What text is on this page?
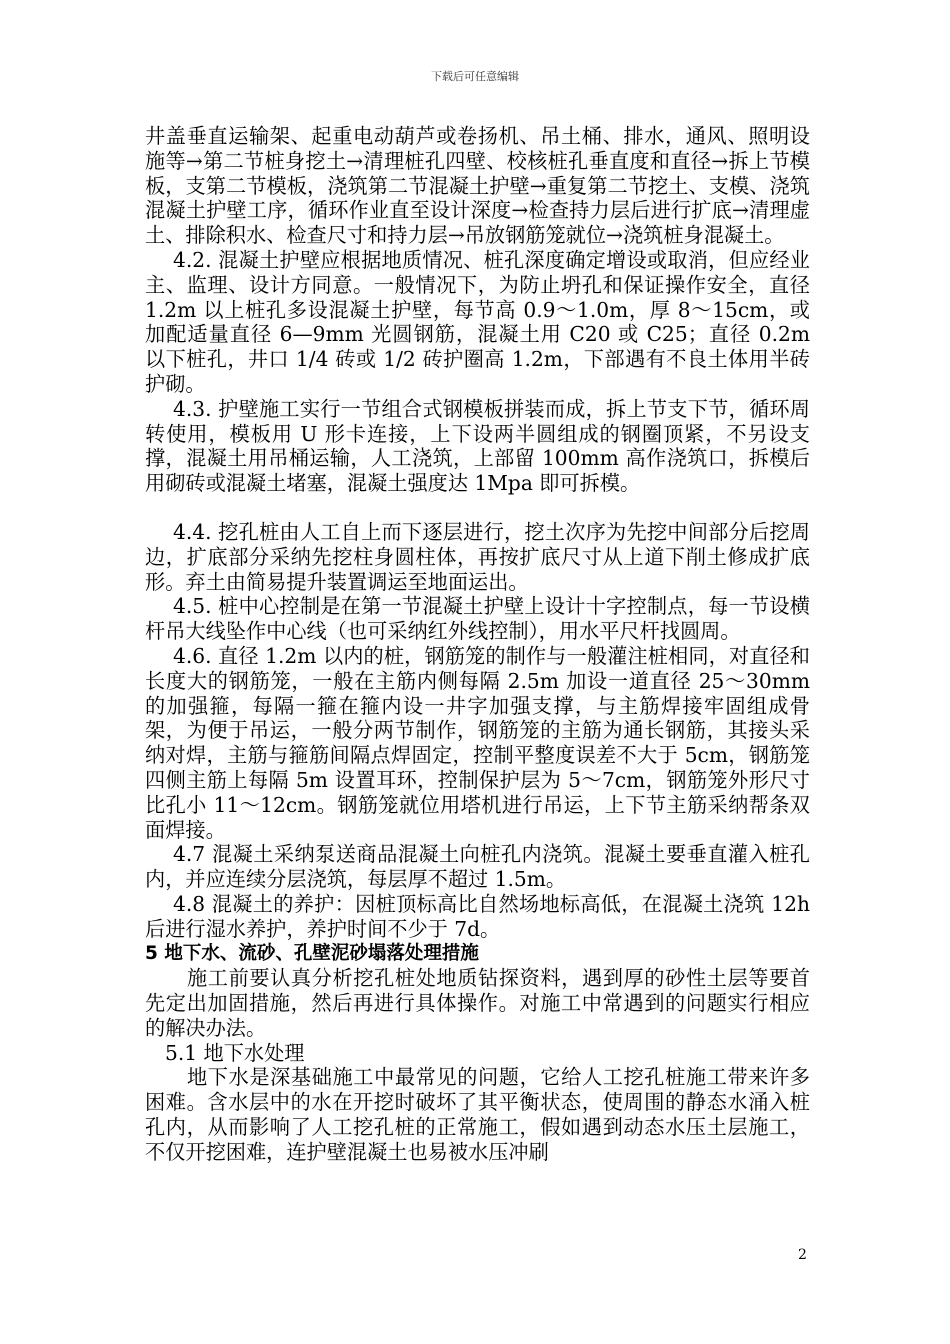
下载后可任意编辑

井盖垂直运输架、起重电动葫芦或卷扬机、吊土桶、排水，通风、照明设施等→第二节桩身挖土→清理桩孔四壁、校核桩孔垂直度和直径→拆上节模板，支第二节模板，浇筑第二节混凝土护壁→重复第二节挖土、支模、浇筑混凝土护壁工序，循环作业直至设计深度→检查持力层后进行扩底→清理虚土、排除积水、检查尺寸和持力层→吊放钢筋笼就位→浇筑桩身混凝土。

4.2. 混凝土护壁应根据地质情况、桩孔深度确定增设或取消，但应经业主、监理、设计方同意。一般情况下，为防止坍孔和保证操作安全，直径 1.2m 以上桩孔多设混凝土护壁，每节高 0.9～1.0m，厚 8～15cm，或加配适量直径 6—9mm 光圆钢筋，混凝土用 C20 或 C25；直径 0.2m 以下桩孔，井口 1/4 砖或 1/2 砖护圈高 1.2m，下部遇有不良土体用半砖护砌。

4.3. 护壁施工实行一节组合式钢模板拼装而成，拆上节支下节，循环周转使用，模板用 U 形卡连接，上下设两半圆组成的钢圈顶紧，不另设支撑，混凝土用吊桶运输，人工浇筑，上部留 100mm 高作浇筑口，拆模后用砌砖或混凝土堵塞，混凝土强度达 1Mpa 即可拆模。

4.4. 挖孔桩由人工自上而下逐层进行，挖土次序为先挖中间部分后挖周边，扩底部分采纳先挖柱身圆柱体，再按扩底尺寸从上道下削土修成扩底形。弃土由简易提升装置调运至地面运出。

4.5. 桩中心控制是在第一节混凝土护壁上设计十字控制点，每一节设横杆吊大线坠作中心线（也可采纳红外线控制），用水平尺杆找圆周。

4.6. 直径 1.2m 以内的桩，钢筋笼的制作与一般灌注桩相同，对直径和长度大的钢筋笼，一般在主筋内侧每隔 2.5m 加设一道直径 25～30mm 的加强箍，每隔一箍在箍内设一井字加强支撑，与主筋焊接牢固组成骨架，为便于吊运，一般分两节制作，钢筋笼的主筋为通长钢筋，其接头采纳对焊，主筋与箍筋间隔点焊固定，控制平整度误差不大于 5cm，钢筋笼四侧主筋上每隔 5m 设置耳环，控制保护层为 5～7cm，钢筋笼外形尺寸比孔小 11～12cm。钢筋笼就位用塔机进行吊运，上下节主筋采纳帮条双面焊接。

4.7 混凝土采纳泵送商品混凝土向桩孔内浇筑。混凝土要垂直灌入桩孔内，并应连续分层浇筑，每层厚不超过 1.5m。

4.8 混凝土的养护：因桩顶标高比自然场地标高低，在混凝土浇筑 12h 后进行湿水养护，养护时间不少于 7d。

5 地下水、流砂、孔壁泥砂塌落处理措施

施工前要认真分析挖孔桩处地质钻探资料，遇到厚的砂性土层等要首先定出加固措施，然后再进行具体操作。对施工中常遇到的问题实行相应的解决办法。

5.1 地下水处理

地下水是深基础施工中最常见的问题，它给人工挖孔桩施工带来许多困难。含水层中的水在开挖时破坏了其平衡状态，使周围的静态水涌入桩孔内，从而影响了人工挖孔桩的正常施工，假如遇到动态水压土层施工，不仅开挖困难，连护壁混凝土也易被水压冲刷

2
